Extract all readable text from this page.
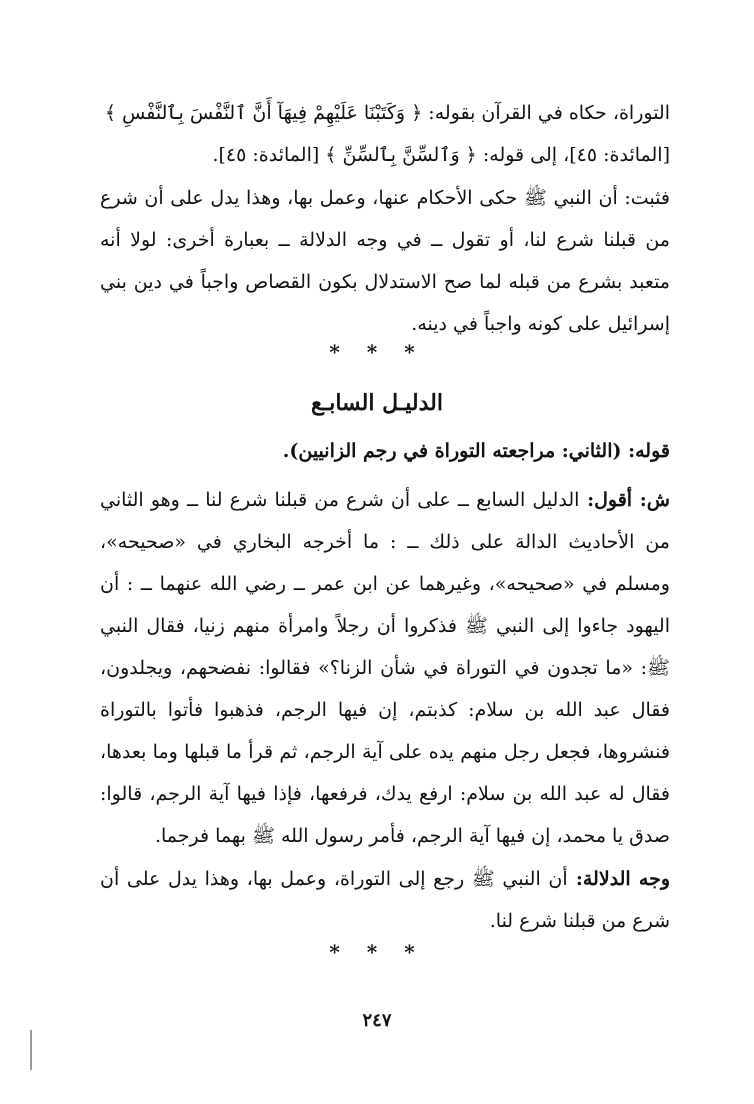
التوراة، حكاه في القرآن بقوله: ﴿ وَكَتَبْنَا عَلَيْهِمْ فِيهَآ أَنَّ ٱلنَّفْسَ بِٱلنَّفْسِ ﴾

[المائدة: ٤٥]، إلى قوله: ﴿ وَٱلسِّنَّ بِٱلسِّنِّ ﴾ [المائدة: ٤٥].

فثبت: أن النبي ﷺ حكى الأحكام عنها، وعمل بها، وهذا يدل على أن شرع من قبلنا شرع لنا، أو تقول ــ في وجه الدلالة ــ بعبارة أخرى: لولا أنه متعبد بشرع من قبله لما صح الاستدلال بكون القصاص واجباً في دين بني إسرائيل على كونه واجباً في دينه.

* * *
الدليـل السابـع

قوله: (الثاني: مراجعته التوراة في رجم الزانيين).

ش: أقول: الدليل السابع ــ على أن شرع من قبلنا شرع لنا ــ وهو الثاني من الأحاديث الدالة على ذلك ــ : ما أخرجه البخاري في «صحيحه»، ومسلم في «صحيحه»، وغيرهما عن ابن عمر ــ رضي الله عنهما ــ : أن اليهود جاءوا إلى النبي ﷺ فذكروا أن رجلاً وامرأة منهم زنيا، فقال النبي ﷺ: «ما تجدون في التوراة في شأن الزنا؟» فقالوا: نفضحهم، ويجلدون، فقال عبد الله بن سلام: كذبتم، إن فيها الرجم، فذهبوا فأتوا بالتوراة فنشروها، فجعل رجل منهم يده على آية الرجم، ثم قرأ ما قبلها وما بعدها، فقال له عبد الله بن سلام: ارفع يدك، فرفعها، فإذا فيها آية الرجم، قالوا: صدق يا محمد، إن فيها آية الرجم، فأمر رسول الله ﷺ بهما فرجما.

وجه الدلالة: أن النبي ﷺ رجع إلى التوراة، وعمل بها، وهذا يدل على أن شرع من قبلنا شرع لنا.

* * *
٢٤٧
